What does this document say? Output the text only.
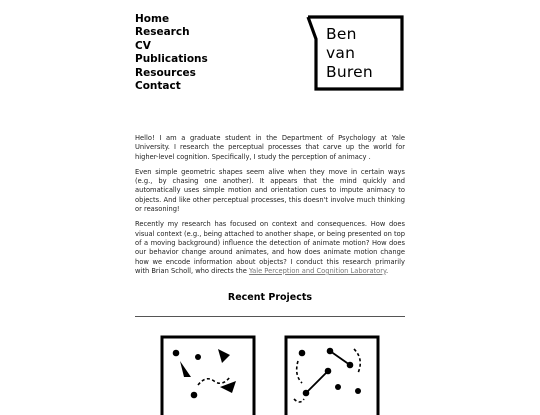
Home
Research
CV
Publications
Resources
Contact
Ben
van
Buren

Hello! I am a graduate student in the Department of Psychology at Yale University. I research the perceptual processes that carve up the world for higher-level cognition. Specifically, I study the perception of animacy .

Even simple geometric shapes seem alive when they move in certain ways (e.g., by chasing one another). It appears that the mind quickly and automatically uses simple motion and orientation cues to impute animacy to objects. And like other perceptual processes, this doesn't involve much thinking or reasoning!

Recently my research has focused on context and consequences. How does visual context (e.g., being attached to another shape, or being presented on top of a moving background) influence the detection of animate motion? How does our behavior change around animates, and how does animate motion change how we encode information about objects? I conduct this research primarily with Brian Scholl, who directs the Yale Perception and Cognition Laboratory.

Recent Projects
